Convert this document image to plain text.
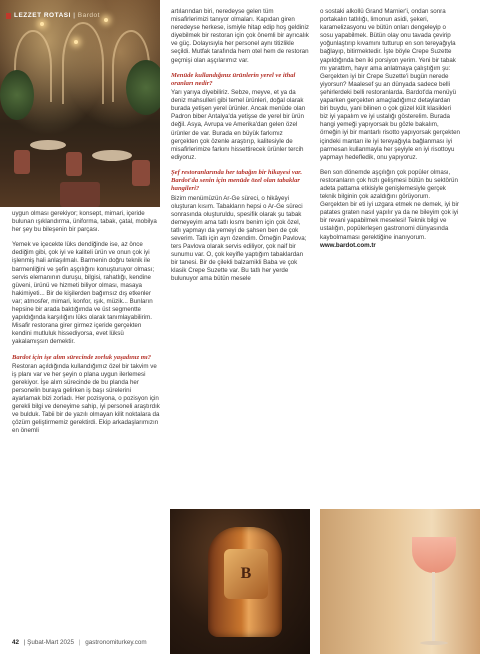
LEZZET ROTASI | Bardot

uygun olması gerekiyor; konsept, mimari, içeride bulunan ışıklandırma, üniforma, tabak, çatal, mobilya her şey bu bileşenin bir parçası.

Yemek ve içecekte lüks dendiğinde ise, az önce dediğim gibi, çok iyi ve kaliteli ürün ve onun çok iyi işlenmiş hali anlaşılmalı. Barmenin doğru teknik ile barmenliğini ve şefin aşçılığını konuşturuyor olması; servis elemanının duruşu, bilgisi, rahatlığı, kendine güveni, ürünü ve hizmeti biliyor olması, masaya hakimiyeti... Bir de kişilerden bağımsız dış etkenler var; atmosfer, mimari, konfor, ışık, müzik... Bunların hepsine bir arada baktığımda ve üst segmentte yapıldığında karşılığını lüks olarak tanımlayabilirim. Misafir restorana girer girmez içeride gerçekten kendini mutluluk hissediyorsa, evet lüksü yakalamışsın demektir.

Bardot için işe alım sürecinde zorluk yaşadınız mı?

Restoran açıldığında kullandığımız özel bir takvim ve iş planı var ve her şeyin o plana uygun ilerlemesi gerekiyor. İşe alım sürecinde de bu planda her personelin buraya gelirken iş başı sürelerini ayarlamak bizi zorladı. Her pozisyona, o pozisyon için gerekli bilgi ve deneyime sahip, iyi personeli araştırdık ve bulduk. Tabii bir de yazılı olmayan kilit noktalara da çözüm geliştirmemiz gerektirdi. Ekip arkadaşlarımızın en önemli

artılarından biri, neredeyse gelen tüm misafirlerimizi tanıyor olmaları. Kapıdan giren neredeyse herkese, ismiyle hitap edip hoş geldiniz diyebilmek bir restoran için çok önemli bir ayrıcalık ve güç. Dolayısıyla her personel aynı titizlikle seçildi. Mutfak tarafında hem otel hem de restoran geçmişi olan aşçılarımız var.

Menüde kullandığınız ürünlerin yerel ve ithal oranları nedir?

Yarı yarıya diyebiliriz. Sebze, meyve, et ya da deniz mahsulleri gibi temel ürünleri, doğal olarak burada yetişen yerel ürünler. Ancak menüde olan Padron biber Antalya'da yetişse de yerel bir ürün değil. Asya, Avrupa ve Amerika'dan gelen özel ürünler de var. Burada en büyük farkımız gerçekten çok özenle araştırıp, kalitesiyle de misafirlerimize farkını hissettirecek ürünler tercih ediyoruz.

Şef restoranlarında her tabağın bir hikayesi var. Bardot'da senin için menüde özel olan tabaklar hangileri?

Bizim menümüzün Ar-Ge süreci, o hikâyeyi oluşturan kısım. Tabakların hepsi o Ar-Ge süreci sonrasında oluşturuldu, spesifik olarak şu tabak demeyeyim ama tatlı kısmı benim için çok özel, tatlı yapmayı da yemeyi de şahsen ben de çok severim. Tatlı için ayrı özendim. Örneğin Pavlova; ters Pavlova olarak servis ediliyor, çok naif bir sunumu var. O, çok keyifle yaptığım tabaklardan bir tanesi. Bir de çilekli balzamikli Baba ve çok klasik Crepe Suzette var. Bu tatlı her yerde bulunuyor ama bütün mesele

o sostaki alkollü Grand Marnier'i, ondan sonra portakalın tatlılığı, limonun asidi, şekeri, karamelizasyonu ve bütün onları dengeleyip o sosu yapabilmek. Bütün olay onu tavada çevirip yoğunlaştırıp kıvamını tutturup en son tereyağıyla bağlayıp, bitirmektedir. İşte böyle Crepe Suzette yapıldığında ben iki porsiyon yerim. Yeni bir tabak mı yarattım, hayır ama anlatmaya çalıştığım şu: Gerçekten iyi bir Crepe Suzette'i bugün nerede yiyorsun? Maalesef şu an dünyada sadece belli şehirlerdeki belli restoranlarda. Bardot'da menüyü yaparken gerçekten amaçladığımız detaylardan biri buydu, yani bilinen o çok güzel kült klasikleri biz iyi yapalım ve iyi ustalığı gösterelim. Burada hangi yemeği yapıyorsak bu gözle bakalım, örneğin iyi bir mantarlı risotto yapıyorsak gerçekten içindeki mantarı ile iyi tereyağıyla bağlanması iyi parmesan kullanmayla her şeyiyle en iyi risottoyu yapmayı hedefledik, onu yapıyoruz.

Ben son dönemde aşçılığın çok popüler olması, restoranların çok hızlı gelişmesi bütün bu sektörün adeta pattama etkisiyle genişlemesiyle gerçek teknik bilginin çok azaldığını görüyorum. Gerçekten bir eti iyi uzgara etmek ne demek, iyi bir patates graten nasıl yapılır ya da ne bileyim çok iyi bir revani yapabilmek meselesi! Teknik bilgi ve ustalığın, popülerleşen gastronomi dünyasında kaybolmaması gerektiğine inanıyorum.
www.bardot.com.tr

B
42 | Şubat-Mart 2025 | gastronomiturkey.com
